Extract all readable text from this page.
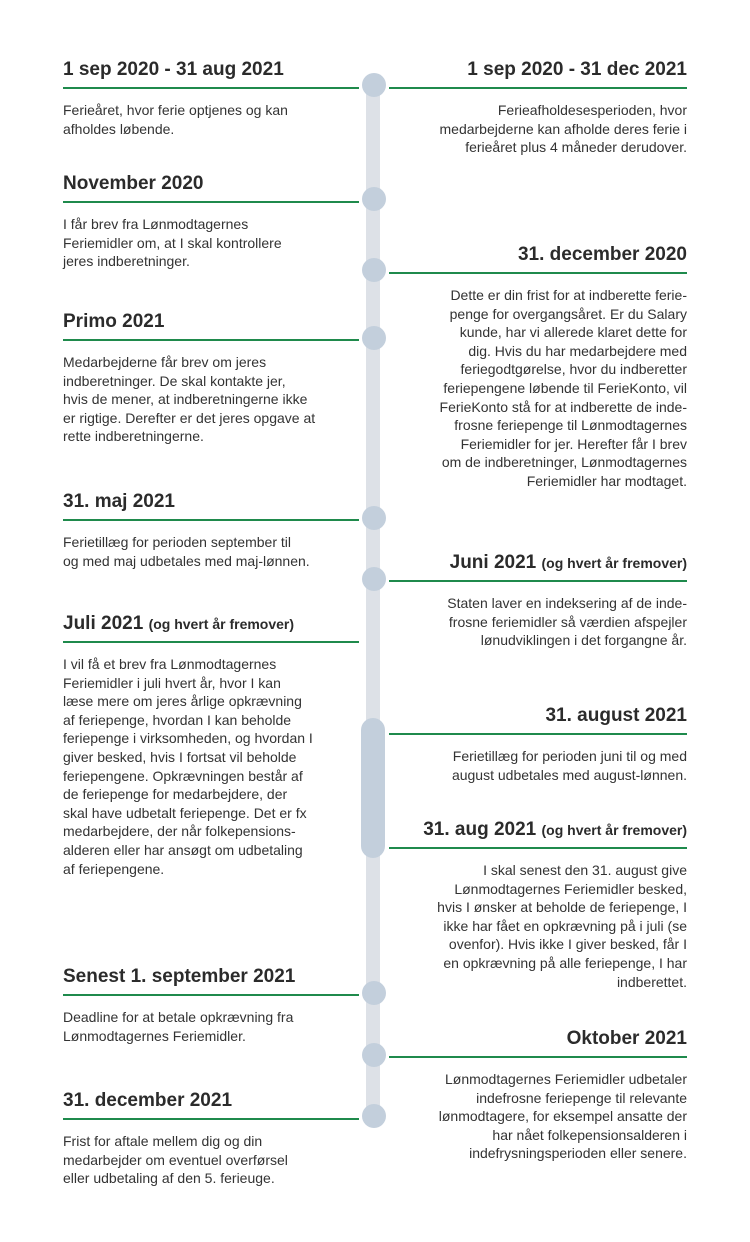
1 sep 2020 - 31 aug 2021
Ferieåret, hvor ferie optjenes og kan
afholdes løbende.
November 2020
I får brev fra Lønmodtagernes
Feriemidler om, at I skal kontrollere
jeres indberetninger.
Primo 2021
Medarbejderne får brev om jeres
indberetninger. De skal kontakte jer,
hvis de mener, at indberetningerne ikke
er rigtige. Derefter er det jeres opgave at
rette indberetningerne.
31. maj 2021
Ferietillæg for perioden september til
og med maj udbetales med maj-lønnen.
Juli 2021 (og hvert år fremover)
I vil få et brev fra Lønmodtagernes
Feriemidler i juli hvert år, hvor I kan
læse mere om jeres årlige opkrævning
af feriepenge, hvordan I kan beholde
feriepenge i virksomheden, og hvordan I
giver besked, hvis I fortsat vil beholde
feriepengene. Opkrævningen består af
de feriepenge for medarbejdere, der
skal have udbetalt feriepenge. Det er fx
medarbejdere, der når folkepensions-
alderen eller har ansøgt om udbetaling
af feriepengene.
Senest 1. september 2021
Deadline for at betale opkrævning fra
Lønmodtagernes Feriemidler.
31. december 2021
Frist for aftale mellem dig og din
medarbejder om eventuel overførsel
eller udbetaling af den 5. ferieuge.
1 sep 2020 - 31 dec 2021
Ferieafholdesesperioden, hvor
medarbejderne kan afholde deres ferie i
ferieåret plus 4 måneder derudover.
31. december 2020
Dette er din frist for at indberette ferie-
penge for overgangsåret. Er du Salary
kunde, har vi allerede klaret dette for
dig. Hvis du har medarbejdere med
feriegodtgørelse, hvor du indberetter
feriepengene løbende til FerieKonto, vil
FerieKonto stå for at indberette de inde-
frosne feriepenge til Lønmodtagernes
Feriemidler for jer. Herefter får I brev
om de indberetninger, Lønmodtagernes
Feriemidler har modtaget.
Juni 2021 (og hvert år fremover)
Staten laver en indeksering af de inde-
frosne feriemidler så værdien afspejler
lønudviklingen i det forgangne år.
31. august 2021
Ferietillæg for perioden juni til og med
august udbetales med august-lønnen.
31. aug 2021 (og hvert år fremover)
I skal senest den 31. august give
Lønmodtagernes Feriemidler besked,
hvis I ønsker at beholde de feriepenge, I
ikke har fået en opkrævning på i juli (se
ovenfor). Hvis ikke I giver besked, får I
en opkrævning på alle feriepenge, I har
indberettet.
Oktober 2021
Lønmodtagernes Feriemidler udbetaler
indefrosne feriepenge til relevante
lønmodtagere, for eksempel ansatte der
har nået folkepensionsalderen i
indefrysningsperioden eller senere.
